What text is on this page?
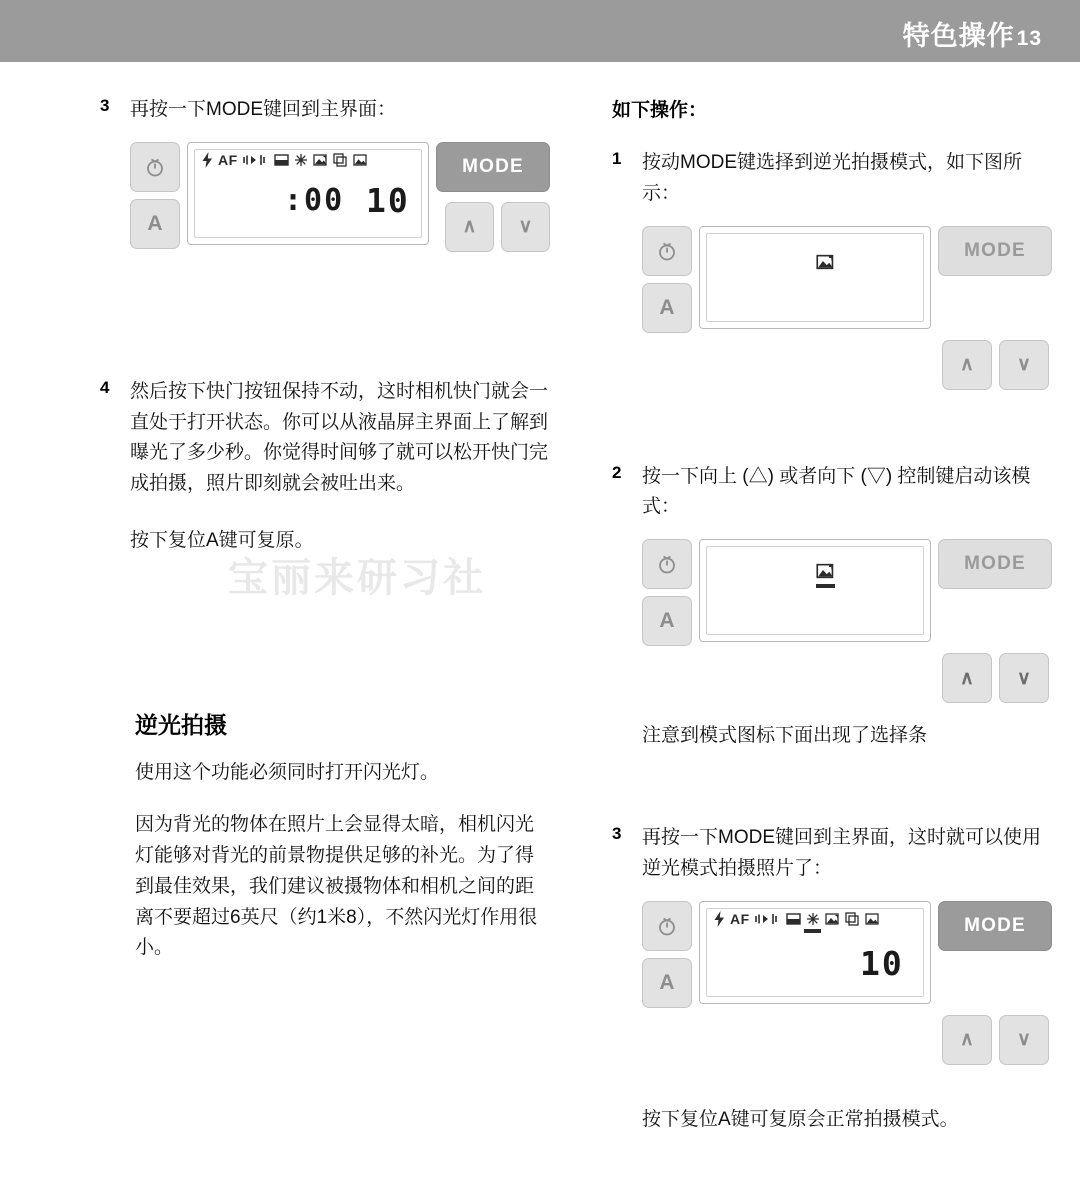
特色操作13
宝丽来研习社
3 再按一下MODE键回到主界面：
A
AF
:00 10
MODE
∧	∨
4 然后按下快门按钮保持不动，这时相机快门就会一直处于打开状态。你可以从液晶屏主界面上了解到曝光了多少秒。你觉得时间够了就可以松开快门完成拍摄，照片即刻就会被吐出来。
按下复位A键可复原。
逆光拍摄
使用这个功能必须同时打开闪光灯。
因为背光的物体在照片上会显得太暗，相机闪光灯能够对背光的前景物提供足够的补光。为了得到最佳效果，我们建议被摄物体和相机之间的距离不要超过6英尺（约1米8），不然闪光灯作用很小。
如下操作：
1 按动MODE键选择到逆光拍摄模式，如下图所示：
A
MODE
∧	∨
2 按一下向上 (△) 或者向下 (▽) 控制键启动该模式：
A
MODE
∧	∨
注意到模式图标下面出现了选择条
3 再按一下MODE键回到主界面，这时就可以使用逆光模式拍摄照片了：
A
AF
10
MODE
∧	∨
按下复位A键可复原会正常拍摄模式。
